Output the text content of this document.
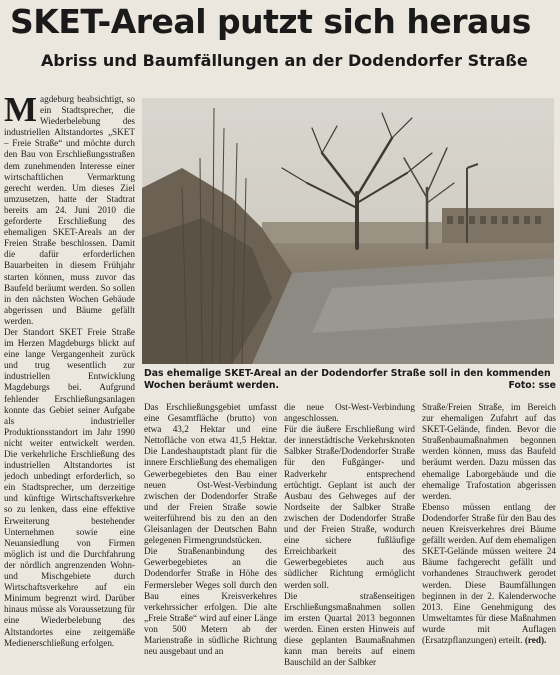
SKET-Areal putzt sich heraus
Abriss und Baumfällungen an der Dodendorfer Straße

Magdeburg beabsichtigt, so ein Stadtsprecher, die Wiederbelebung des industriellen Altstandortes „SKET – Freie Straße“ und möchte durch den Bau von Erschließungsstraßen dem zunehmenden Interesse einer wirtschaftlichen Vermarktung gerecht werden. Um dieses Ziel umzusetzen, hatte der Stadtrat bereits am 24. Juni 2010 die geforderte Erschließung des ehemaligen SKET-Areals an der Freien Straße beschlossen. Damit die dafür erforderlichen Bauarbeiten in diesem Frühjahr starten können, muss zuvor das Baufeld beräumt werden. So sollen in den nächsten Wochen Gebäude abgerissen und Bäume gefällt werden.

Der Standort SKET Freie Straße im Herzen Magdeburgs blickt auf eine lange Vergangenheit zurück und trug wesentlich zur industriellen Entwicklung Magdeburgs bei. Aufgrund fehlender Erschließungsanlagen konnte das Gebiet seiner Aufgabe als industrieller Produktionsstandort im Jahr 1990 nicht weiter entwickelt werden. Die verkehrliche Erschließung des industriellen Altstandortes ist jedoch unbedingt erforderlich, so ein Stadtsprecher, um derzeitige und künftige Wirtschaftsverkehre so zu lenken, dass eine effektive Erweiterung bestehender Unternehmen sowie eine Neuansiedlung von Firmen möglich ist und die Durchfahrung der nördlich angrenzenden Wohn- und Mischgebiete durch Wirtschaftsverkehre auf ein Minimum begrenzt wird. Darüber hinaus müsse als Voraussetzung für eine Wiederbelebung des Altstandortes eine zeitgemäße Medienerschließung erfolgen.

Das ehemalige SKET-Areal an der Dodendorfer Straße soll in den kommenden Wochen beräumt werden.	Foto: sse

Das Erschließungsgebiet umfasst eine Gesamtfläche (brutto) von etwa 43,2 Hektar und eine Nettofläche von etwa 41,5 Hektar. Die Landeshauptstadt plant für die innere Erschließung des ehemaligen Gewerbegebietes den Bau einer neuen Ost-West-Verbindung zwischen der Dodendorfer Straße und der Freien Straße sowie weiterführend bis zu den an den Gleisanlagen der Deutschen Bahn gelegenen Firmengrundstücken.

Die Straßenanbindung des Gewerbegebietes an die Dodendorfer Straße in Höhe des Fermersleber Weges soll durch den Bau eines Kreisverkehres verkehrssicher erfolgen. Die alte „Freie Straße“ wird auf einer Länge von 500 Metern ab der Marienstraße in südliche Richtung neu ausgebaut und an

die neue Ost-West-Verbindung angeschlossen.

Für die äußere Erschließung wird der innerstädtische Verkehrsknoten Salbker Straße/Dodendorfer Straße für den Fußgänger- und Radverkehr entsprechend ertüchtigt. Geplant ist auch der Ausbau des Gehweges auf der Nordseite der Salbker Straße zwischen der Dodendorfer Straße und der Freien Straße, wodurch eine sichere fußläufige Erreichbarkeit des Gewerbegebietes auch aus südlicher Richtung ermöglicht werden soll.

Die straßenseitigen Erschließungsmaßnahmen sollen im ersten Quartal 2013 begonnen werden. Einen ersten Hinweis auf diese geplanten Baumaßnahmen kann man bereits auf einem Bauschild an der Salbker

Straße/Freien Straße, im Bereich zur ehemaligen Zufahrt auf das SKET-Gelände, finden. Bevor die Straßenbaumaßnahmen begonnen werden können, muss das Baufeld beräumt werden. Dazu müssen das ehemalige Laborgebäude und die ehemalige Trafostation abgerissen werden.

Ebenso müssen entlang der Dodendorfer Straße für den Bau des neuen Kreisverkehres drei Bäume gefällt werden. Auf dem ehemaligen SKET-Gelände müssen weitere 24 Bäume fachgerecht gefällt und vorhandenes Strauchwerk gerodet werden. Diese Baumfällungen beginnen in der 2. Kalenderwoche 2013. Eine Genehmigung des Umweltamtes für diese Maßnahmen wurde mit Auflagen (Ersatzpflanzungen) erteilt. (red).
